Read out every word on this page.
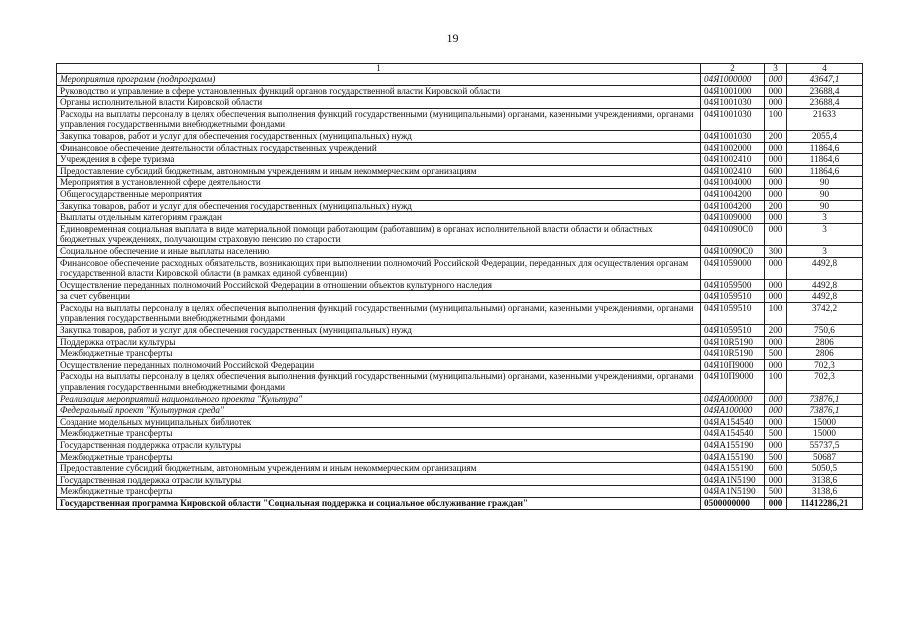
19
1	2	3	4
Мероприятия программ (подпрограмм)	04Я1000000	000	43647,1
Руководство и управление в сфере установленных функций органов государственной власти Кировской области	04Я1001000	000	23688,4
Органы исполнительной власти Кировской области	04Я1001030	000	23688,4
Расходы на выплаты персоналу в целях обеспечения выполнения функций государственными (муниципальными) органами, казенными учреждениями, органами управления государственными внебюджетными фондами	04Я1001030	100	21633
Закупка товаров, работ и услуг для обеспечения государственных (муниципальных) нужд	04Я1001030	200	2055,4
Финансовое обеспечение деятельности областных государственных учреждений	04Я1002000	000	11864,6
Учреждения в сфере туризма	04Я1002410	000	11864,6
Предоставление субсидий бюджетным, автономным учреждениям и иным некоммерческим организациям	04Я1002410	600	11864,6
Мероприятия в установленной сфере деятельности	04Я1004000	000	90
Общегосударственные мероприятия	04Я1004200	000	90
Закупка товаров, работ и услуг для обеспечения государственных (муниципальных) нужд	04Я1004200	200	90
Выплаты отдельным категориям граждан	04Я1009000	000	3
Единовременная социальная выплата в виде материальной помощи работающим (работавшим) в органах исполнительной власти области и областных бюджетных учреждениях, получающим страховую пенсию по старости	04Я10090С0	000	3
Социальное обеспечение и иные выплаты населению	04Я10090С0	300	3
Финансовое обеспечение расходных обязательств, возникающих при выполнении полномочий Российской Федерации, переданных для осуществления органам государственной власти Кировской области (в рамках единой субвенции)	04Я1059000	000	4492,8
Осуществление переданных полномочий Российской Федерации в отношении объектов культурного наследия	04Я1059500	000	4492,8
за счет субвенции	04Я1059510	000	4492,8
Расходы на выплаты персоналу в целях обеспечения выполнения функций государственными (муниципальными) органами, казенными учреждениями, органами управления государственными внебюджетными фондами	04Я1059510	100	3742,2
Закупка товаров, работ и услуг для обеспечения государственных (муниципальных) нужд	04Я1059510	200	750,6
Поддержка отрасли культуры	04Я10R5190	000	2806
Межбюджетные трансферты	04Я10R5190	500	2806
Осуществление переданных полномочий Российской Федерации	04Я10П9000	000	702,3
Расходы на выплаты персоналу в целях обеспечения выполнения функций государственными (муниципальными) органами, казенными учреждениями, органами управления государственными внебюджетными фондами	04Я10П9000	100	702,3
Реализация мероприятий национального проекта "Культура"	04ЯА000000	000	73876,1
Федеральный проект "Культурная среда"	04ЯА100000	000	73876,1
Создание модельных муниципальных библиотек	04ЯА154540	000	15000
Межбюджетные трансферты	04ЯА154540	500	15000
Государственная поддержка отрасли культуры	04ЯА155190	000	55737,5
Межбюджетные трансферты	04ЯА155190	500	50687
Предоставление субсидий бюджетным, автономным учреждениям и иным некоммерческим организациям	04ЯА155190	600	5050,5
Государственная поддержка отрасли культуры	04ЯА1N5190	000	3138,6
Межбюджетные трансферты	04ЯА1N5190	500	3138,6
Государственная программа Кировской области "Социальная поддержка и социальное обслуживание граждан"	0500000000	000	11412286,21
